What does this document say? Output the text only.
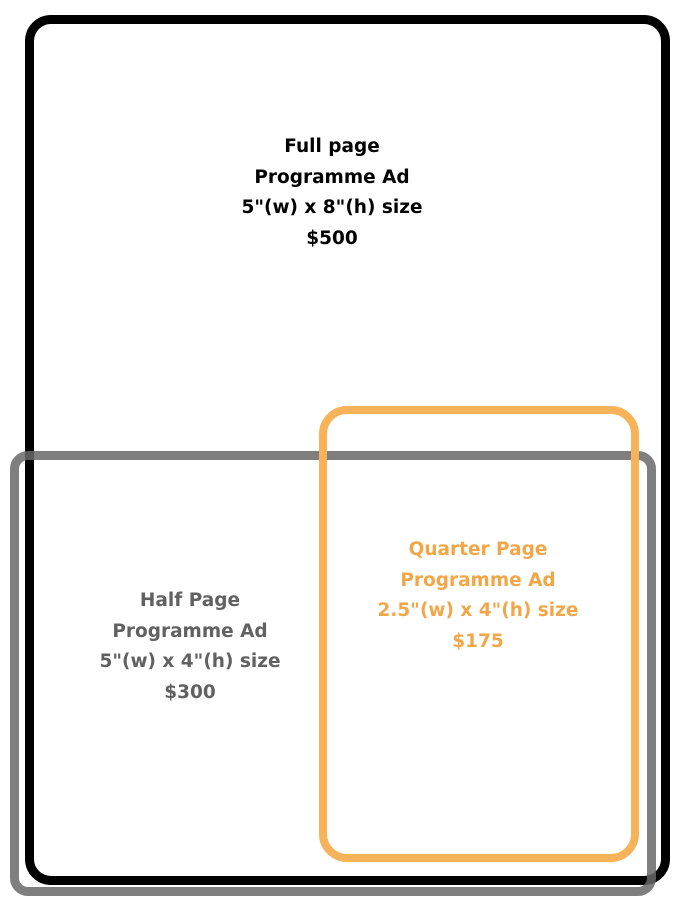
Full page
Programme Ad
5"(w) x 8"(h) size
$500
Half Page
Programme Ad
5"(w) x 4"(h) size
$300
Quarter Page
Programme Ad
2.5"(w) x 4"(h) size
$175
